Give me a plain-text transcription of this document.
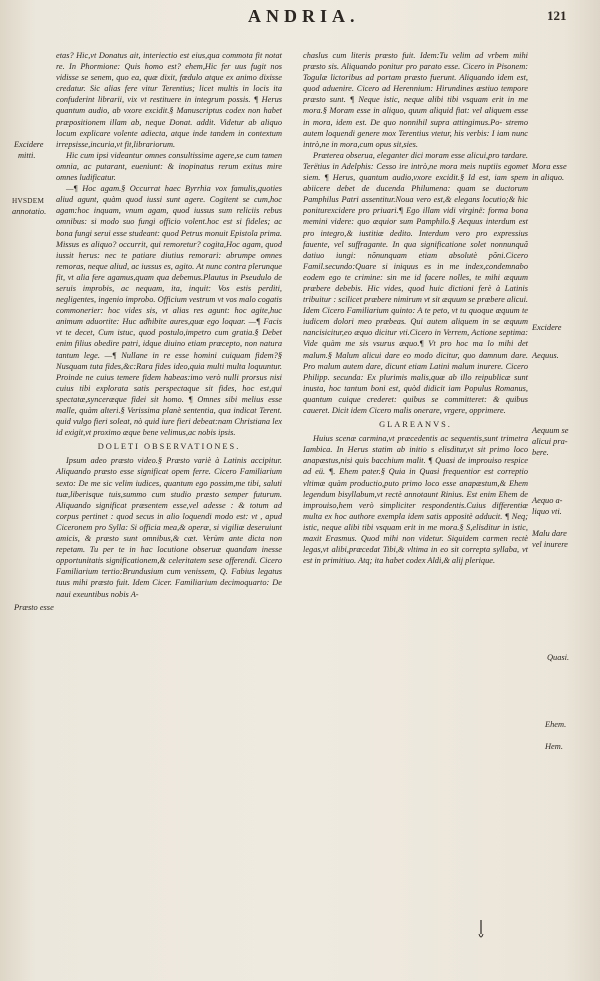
ANDRIA.	121

etas? Hic,vt Donatus ait, interiectio est eius,qua commota fit notat re. In Phormione: Quis homo est? ehem,Hic fer uus fugit nos vidisse se senem, quo ea, quæ dixit, fœdulo atque ex animo dixisse credatur. Sic alias fere vitur Terentius; licet multis in locis ita confuderint librarii, vix vt restituere in integrum possis. ¶ Herus quantum audio, ab vxore excidit.§ Manuscriptus codex non habet præpositionem illam ab, neque Donat. addit. Videtur ab aliquo locum explicare volente adiecta, atque inde tandem in contextum irrepsisse,incuria,vt fit,librariorum.

Hic cum ipsi videantur omnes consultissime agere,se cum tamen omnia, ac putarant, eueniunt: & inopinatus rerum exitus mire omnes ludificatur.

—¶ Hoc agam.§ Occurrat haec Byrrhia vox famulis,quoties aliud agunt, quàm quod iussi sunt agere. Cogitent se cum,hoc agam:hoc inquam, vnum agam, quod iussus sum reliciis rebus omnibus: si modo suo fungi officio volent.hoc est si fideles; ac bona fungi serui esse studeant: quod Petrus monuit Epistola prima. Missus es aliquo? occurrit, qui remoretur? cogita,Hoc agam, quod iussit herus: nec te patiare diutius remorari: abrumpe omnes remoras, neque aliud, ac iussus es, agito. At nunc contra plerunque fit, vt alia fere agamus,quam qua debemus.Plautus in Pseudulo de seruis improbis, ac nequam, ita, inquit: Vos estis perditi, negligentes, ingenio improbo. Officium vestrum vt vos malo cogatis commonerier: hoc vides sis, vt alias res agunt: hoc agite,huc animum aduortite: Huc adhibite aures,quæ ego loquar. —¶ Facis vt te decet, Cum istuc, quod postulo,impetro cum gratia.§ Debet enim filius obedire patri, idque diuino etiam præcepto, non natura tantum lege. —¶ Nullane in re esse homini cuiquam fidem?§ Nusquam tuta fides,&c:Rara fides ideo,quia multi multa loquuntur. Proinde ne cuius temere fidem habeas:imo verò nulli prorsus nisi cuius tibi explorata satis perspectaque sit fides, hoc est,qui spectatæ,synceræque fidei sit homo. ¶ Omnes sibi melius esse malle, quàm alteri.§ Verissima planè sententia, qua indicat Terent. quid vulgo fieri soleat, nò quid iure fieri debeat:nam Christiana lex id exigit,vt proximo æque bene velimus,ac nobis ipsis.

DOLETI OBSERVATIONES.

Ipsum adeo præsto video.§ Præsto variè à Latinis accipitur. Aliquando præsto esse significat opem ferre. Cicero Familiarium sexto: De me sic velim iudices, quantum ego possim,me tibi, saluti tuæ,liberisque tuis,summo cum studio præsto semper futurum. Aliquando significat præsentem esse,vel adesse : & totum ad corpus pertinet : quod secus in alio loquendi modo est: vt , apud Ciceronem pro Sylla: Si officia mea,& operæ, si vigiliæ deseruiunt amicis, & præsto sunt omnibus,& cæt. Verùm ante dicta non repetam. Tu per te in hac locutione obseruæ quandam inesse opportunitatis significationem,& celeritatem sese offerendi. Cicero Familiarium tertio:Brundusium cum venissem, Q. Fabius legatus tuus mihi præsto fuit. Idem Cicer. Familiarium decimoquarto: De naui exeuntibus nobis A-

chaslus cum literis præsto fuit. Idem:Tu velim ad vrbem mihi præsto sis. Aliquando ponitur pro parato esse. Cicero in Pisonem: Togulæ lictoribus ad portam præsto fuerunt. Aliquando idem est, quod aduenire. Cicero ad Herennium: Hirundines æstiuo tempore præsto sunt. ¶ Neque istic, neque alibi tibi vsquam erit in me mora.§ Moram esse in aliquo, quum aliquid fiat: vel aliquem esse in mora, idem est. De quo nonnihil supra attingimus.Po- stremo autem loquendi genere mox Terentius vtetur, his verbis: I iam nunc intrò,ne in mora,cum opus sit,sies.

Præterea obserua, eleganter dici moram esse alicui,pro tardare. Terëtius in Adelphis: Cesso ire intrò,ne mora meis nuptiis egomet siem. ¶ Herus, quantum audio,vxore excidit.§ Id est, iam spem abiicere debet de ducenda Philumena: quam se ductorum Pamphilus Patri assentitur.Noua vero est,& elegans locutio;& hic poniturexcidere pro priuari.¶ Ego illam vidi virginë: forma bona memini videre: quo æquior sum Pamphilo.§ Aequus interdum est pro integro,& iustitiæ dedito. Interdum vero pro expressius fauente, vel suffragante. In qua significatione solet nonnunquã datiuo iungi: nõnunquam etiam absolutè põni.Cicero Famil.secundo:Quare si iniquus es in me index,condemnabo eodem ego te crimine: sin me id facere nolles, te mihi æquum præbere debebis. Hic vides, quod huic dictioni ferè à Latinis tribuitur : scilicet præbere nimirum vt sit æquum se præbere alicui. Idem Cicero Familiarium quinto: A te peto, vt tu quoque æquum te iudicem dolori meo præbeas. Qui autem aliquem in se æquum nancisicitur,eo æquo dicitur vti.Cicero in Verrem, Actione septima: Vide quàm me sis vsurus æquo.¶ Vt pro hoc ma lo mihi det malum.§ Malum alicui dare eo modo dicitur, quo damnum dare. Pro malum autem dare, dicunt etiam Latini malum inurere. Cicero Philipp. secunda: Ex plurimis malis,quæ ab illo reipublicæ sunt inusta, hoc tantum boni est, quòd didicit iam Populus Romanus, quantum cuique crederet: quibus se committeret: & quibus caueret. Dicit idem Cicero malis onerare, vrgere, opprimere.

GLAREANVS.

Huius scenæ carmina,vt præcedentis ac sequentis,sunt trimetra Iambica. In Herus statim ab initio s elisditur,vt sit primo loco anapæstus,nisi quis bacchium malit. ¶ Quasi de improuiso respice ad eü. ¶. Ehem pater.§ Quia in Quasi frequentior est correptio vltimæ quàm productio,puto primo loco esse anapæstum,& Ehem legendum bisyllabum,vt rectè annotaunt Rinius. Est enim Ehem de improuiso,hem verò simpliciter respondentis.Cuius differentiæ multa ex hoc authore exempla idem satis appositè adducit. ¶ Neq; istic, neque alibi tibi vsquam erit in me mora.§ S,elisditur in istic, maxit Erasmus. Quod mihi non videtur. Siquidem carmen rectè legas,vt alibi,præcedat Tibi,& vltima in eo sit correpta syllaba, vt est in primitiuo. Atq; ita habet codex Aldi,& alij plerique.

Excidere
mitti.
HVSDEM
annotatio.
Præsto esse
Mora esse
in aliquo.
Excidere
Aequus.
Aequum se
alicui pra-
bere.
Aequo a-
liquo vti.
Malu dare
vel inurere
Quasi.
Ehem.
Hem.
